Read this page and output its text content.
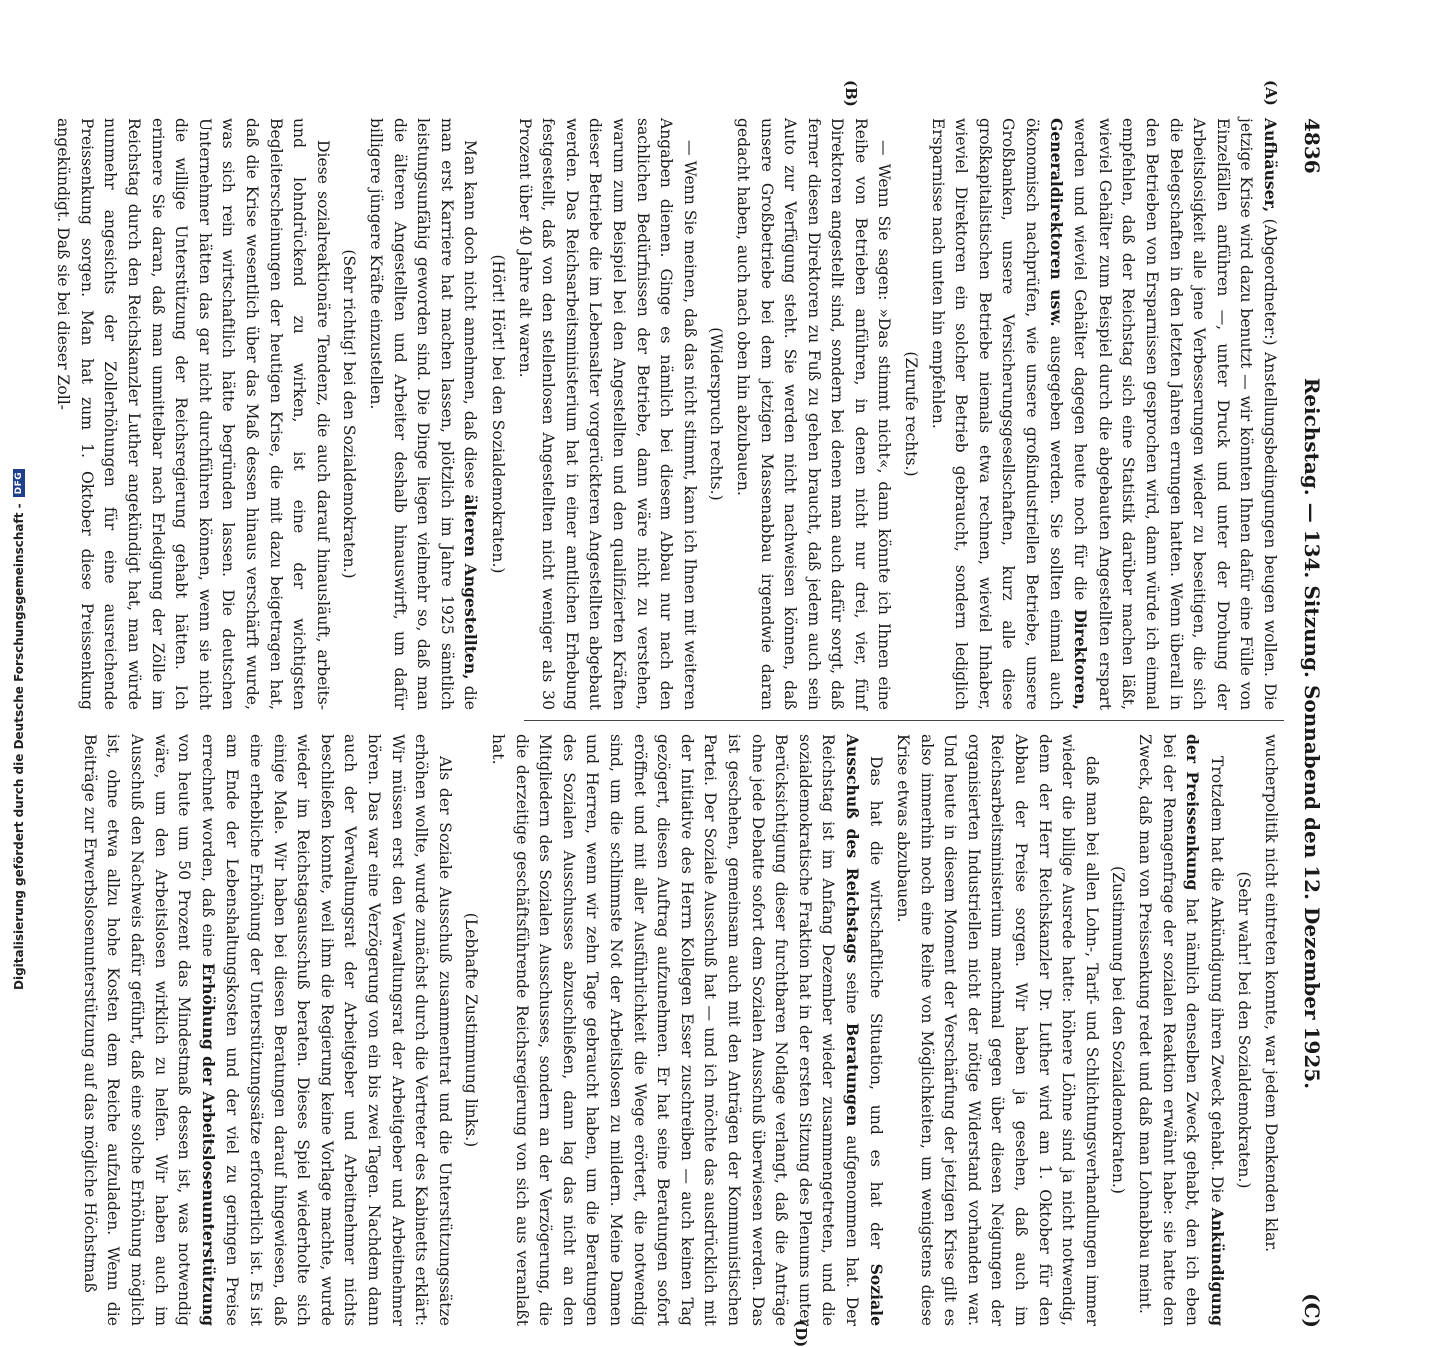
Digitalisierung gefördert durch die Deutsche Forschungsgemeinschaft -
DFG
4836
Reichstag. — 134. Sitzung. Sonnabend den 12. Dezember 1925.
(C)
(A)
(B)
(D)

Aufhäuser, (Abgeordneter:) Anstellungsbedingungen beugen wollen. Die jetzige Krise wird dazu benutzt — wir könnten Ihnen dafür eine Fülle von Einzelfällen anführen —, unter Druck und unter der Drohung der Arbeitslosigkeit alle jene Verbesserungen wieder zu beseitigen, die sich die Belegschaften in den letzten Jahren errungen hatten. Wenn überall in den Betrieben von Ersparnissen gesprochen wird, dann würde ich einmal empfehlen, daß der Reichstag sich eine Statistik darüber machen läßt, wieviel Gehälter zum Beispiel durch die abgebauten Angestellten erspart werden und wieviel Gehälter dagegen heute noch für die Direktoren, Generaldirektoren usw. ausgegeben werden. Sie sollten einmal auch ökonomisch nachprüfen, wie unsere großindustriellen Betriebe, unsere Großbanken, unsere Versicherungsgesellschaften, kurz alle diese großkapitalistischen Betriebe niemals etwa rechnen, wieviel Inhaber, wieviel Direktoren ein solcher Betrieb gebraucht, sondern lediglich Ersparnisse nach unten hin empfehlen.

(Zurufe rechts.)

— Wenn Sie sagen: »Das stimmt nicht«, dann könnte ich Ihnen eine Reihe von Betrieben anführen, in denen nicht nur drei, vier, fünf Direktoren angestellt sind, sondern bei denen man auch dafür sorgt, daß ferner diesen Direktoren zu Fuß zu gehen braucht, daß jedem auch sein Auto zur Verfügung steht. Sie werden nicht nachweisen können, daß unsere Großbetriebe bei dem jetzigen Massenabbau irgendwie daran gedacht haben, auch nach oben hin abzubauen.

(Widerspruch rechts.)

— Wenn Sie meinen, daß das nicht stimmt, kann ich Ihnen mit weiteren Angaben dienen. Ginge es nämlich bei diesem Abbau nur nach den sachlichen Bedürfnissen der Betriebe, dann wäre nicht zu verstehen, warum zum Beispiel bei den Angestellten und den qualifizierten Kräften dieser Betriebe die im Lebensalter vorgerückteren Angestellten abgebaut werden. Das Reichsarbeitsministerium hat in einer amtlichen Erhebung festgestellt, daß von den stellenlosen Angestellten nicht weniger als 30 Prozent über 40 Jahre alt waren.

(Hört! Hört! bei den Sozialdemokraten.)

Man kann doch nicht annehmen, daß diese älteren Angestellten, die man erst Karriere hat machen lassen, plötzlich im Jahre 1925 sämtlich leistungsunfähig geworden sind. Die Dinge liegen vielmehr so, daß man die älteren Angestellten und Arbeiter deshalb hinauswirft, um dafür billigere jüngere Kräfte einzustellen.

(Sehr richtig! bei den Sozialdemokraten.)

Diese sozialreaktionäre Tendenz, die auch darauf hinausläuft, arbeits- und lohndrückend zu wirken, ist eine der wichtigsten Begleiterscheinungen der heutigen Krise, die mit dazu beigetragen hat, daß die Krise wesentlich über das Maß dessen hinaus verschärft wurde, was sich rein wirtschaftlich hätte begründen lassen. Die deutschen Unternehmer hätten das gar nicht durchführen können, wenn sie nicht die willige Unterstützung der Reichsregierung gehabt hätten. Ich erinnere Sie daran, daß man unmittelbar nach Erledigung der Zölle im Reichstag durch den Reichskanzler Luther angekündigt hat, man würde nunmehr angesichts der Zollerhöhungen für eine ausreichende Preissenkung sorgen. Man hat zum 1. Oktober diese Preissenkung angekündigt. Daß sie bei dieser Zoll-

wucherpolitik nicht eintreten konnte, war jedem Denkenden klar.

(Sehr wahr! bei den Sozialdemokraten.)

Trotzdem hat die Ankündigung ihren Zweck gehabt. Die Ankündigung der Preissenkung hat nämlich denselben Zweck gehabt, den ich eben bei der Remagenfrage der sozialen Reaktion erwähnt habe: sie hatte den Zweck, daß man von Preissenkung redet und daß man Lohnabbau meint.

(Zustimmung bei den Sozialdemokraten.)

daß man bei allen Lohn-, Tarif- und Schlichtungsverhandlungen immer wieder die billige Ausrede hatte: höhere Löhne sind ja nicht notwendig, denn der Herr Reichskanzler Dr. Luther wird am 1. Oktober für den Abbau der Preise sorgen. Wir haben ja gesehen, daß auch im Reichsarbeitsministerium manchmal gegen über diesen Neigungen der organisierten Industriellen nicht der nötige Widerstand vorhanden war. Und heute in diesem Moment der Verschärfung der jetzigen Krise gilt es also immerhin noch eine Reihe von Möglichkeiten, um wenigstens diese Krise etwas abzubauen.

Das hat die wirtschaftliche Situation, und es hat der Soziale Ausschuß des Reichstags seine Beratungen aufgenommen hat. Der Reichstag ist im Anfang Dezember wieder zusammengetreten, und die sozialdemokratische Fraktion hat in der ersten Sitzung des Plenums unter Berücksichtigung dieser furchtbaren Notlage verlangt, daß die Anträge ohne jede Debatte sofort dem Sozialen Ausschuß überwiesen werden. Das ist geschehen, gemeinsam auch mit den Anträgen der Kommunistischen Partei. Der Soziale Ausschuß hat — und ich möchte das ausdrücklich mit der Initiative des Herrn Kollegen Esser zuschreiben — auch keinen Tag gezögert, diesen Auftrag aufzunehmen. Er hat seine Beratungen sofort eröffnet und mit aller Ausführlichkeit die Wege erörtert, die notwendig sind, um die schlimmste Not der Arbeitslosen zu mildern. Meine Damen und Herren, wenn wir zehn Tage gebraucht haben, um die Beratungen des Sozialen Ausschusses abzuschließen, dann lag das nicht an den Mitgliedern des Sozialen Ausschusses, sondern an der Verzögerung, die die derzeitige geschäftsführende Reichsregierung von sich aus veranlaßt hat.

(Lebhafte Zustimmung links.)

Als der Soziale Ausschuß zusammentrat und die Unterstützungssätze erhöhen wollte, wurde zunächst durch die Vertreter des Kabinetts erklärt: Wir müssen erst den Verwaltungsrat der Arbeitgeber und Arbeitnehmer hören. Das war eine Verzögerung von ein bis zwei Tagen. Nachdem dann auch der Verwaltungsrat der Arbeitgeber und Arbeitnehmer nichts beschließen konnte, weil ihm die Regierung keine Vorlage machte, wurde wieder im Reichstagsausschuß beraten. Dieses Spiel wiederholte sich einige Male. Wir haben bei diesen Beratungen darauf hingewiesen, daß eine erhebliche Erhöhung der Unterstützungssätze erforderlich ist. Es ist am Ende der Lebenshaltungskosten und der viel zu geringen Preise errechnet worden, daß eine Erhöhung der Arbeitslosenunterstützung von heute um 50 Prozent das Mindestmaß dessen ist, was notwendig wäre, um den Arbeitslosen wirklich zu helfen. Wir haben auch im Ausschuß den Nachweis dafür geführt, daß eine solche Erhöhung möglich ist, ohne etwa allzu hohe Kosten dem Reiche aufzuladen. Wenn die Beiträge zur Erwerbslosenunterstützung auf das mögliche Höchstmaß
